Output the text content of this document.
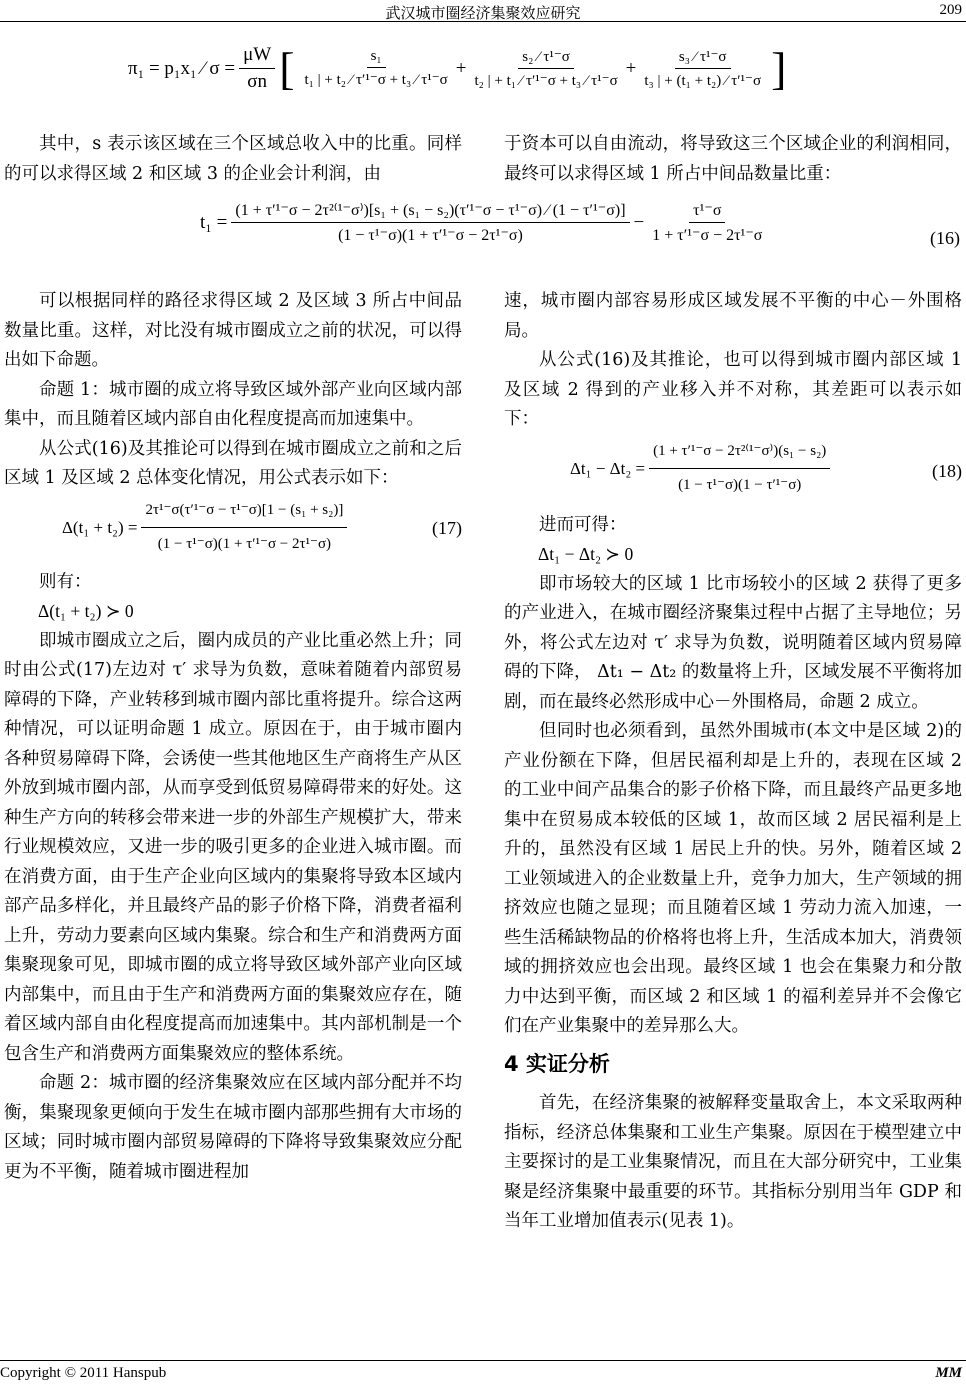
武汉城市圈经济集聚效应研究	209
π₁ = p₁x₁ ⁄ $\sigma = \frac{\mu W}{\sigma n}$ [ $\frac{\text{s₁}}{\text{t₁ | + t₂ ⁄ τ′¹⁻σ + t₃ ⁄ τ¹⁻σ}} + \frac{\text{s₂ ⁄ τ¹⁻σ}}{\text{t₂ | + t₁ ⁄ τ′¹⁻σ + t₃ ⁄ τ¹⁻σ}} + \frac{\text{s₃ ⁄ τ¹⁻σ}}{\text{t₃ | + (t₁ + t₂) ⁄ τ′¹⁻σ}}$ ]

其中，s 表示该区域在三个区域总收入中的比重。同样的可以求得区域 2 和区域 3 的企业会计利润，由

于资本可以自由流动，将导致这三个区域企业的利润相同，最终可以求得区域 1 所占中间品数量比重：

t₁ =
(1 + τ′¹⁻σ − 2τ²⁽¹⁻σ⁾)[s₁ + (s₁ − s₂)(τ′¹⁻σ − τ¹⁻σ) ⁄ (1 − τ′¹⁻σ)]
(1 − τ¹⁻σ)(1 + τ′¹⁻σ − 2τ¹⁻σ)
− $\frac{\text{τ¹⁻σ}}{\text{1 + τ′¹⁻σ − 2τ¹⁻σ}}$	(16)

可以根据同样的路径求得区域 2 及区域 3 所占中间品数量比重。这样，对比没有城市圈成立之前的状况，可以得出如下命题。

命题 1：城市圈的成立将导致区域外部产业向区域内部集中，而且随着区域内部自由化程度提高而加速集中。

从公式(16)及其推论可以得到在城市圈成立之前和之后区域 1 及区域 2 总体变化情况，用公式表示如下：

$\Delta(t_1 + t_2) = \frac{\text{2τ¹⁻σ(τ′¹⁻σ − τ¹⁻σ)[1 − (s₁ + s₂)]}}{\text{(1 − τ¹⁻σ)(1 + τ′¹⁻σ − 2τ¹⁻σ)}}$	(17)

则有：

Δ(t₁ + t₂) ≻ 0

即城市圈成立之后，圈内成员的产业比重必然上升；同时由公式(17)左边对 τ′ 求导为负数，意味着随着内部贸易障碍的下降，产业转移到城市圈内部比重将提升。综合这两种情况，可以证明命题 1 成立。原因在于，由于城市圈内各种贸易障碍下降，会诱使一些其他地区生产商将生产从区外放到城市圈内部，从而享受到低贸易障碍带来的好处。这种生产方向的转移会带来进一步的外部生产规模扩大，带来行业规模效应，又进一步的吸引更多的企业进入城市圈。而在消费方面，由于生产企业向区域内的集聚将导致本区域内部产品多样化，并且最终产品的影子价格下降，消费者福利上升，劳动力要素向区域内集聚。综合和生产和消费两方面集聚现象可见，即城市圈的成立将导致区域外部产业向区域内部集中，而且由于生产和消费两方面的集聚效应存在，随着区域内部自由化程度提高而加速集中。其内部机制是一个包含生产和消费两方面集聚效应的整体系统。

命题 2：城市圈的经济集聚效应在区域内部分配并不均衡，集聚现象更倾向于发生在城市圈内部那些拥有大市场的区域；同时城市圈内部贸易障碍的下降将导致集聚效应分配更为不平衡，随着城市圈进程加

速，城市圈内部容易形成区域发展不平衡的中心－外围格局。

从公式(16)及其推论，也可以得到城市圈内部区域 1 及区域 2 得到的产业移入并不对称，其差距可以表示如下：

$\Delta t_1 - \Delta t_2 = \frac{\text{(1 + τ′¹⁻σ − 2τ²⁽¹⁻σ⁾)(s₁ − s₂)}}{\text{(1 − τ¹⁻σ)(1 − τ′¹⁻σ)}}$	(18)

进而可得：

Δt₁ − Δt₂ ≻ 0

即市场较大的区域 1 比市场较小的区域 2 获得了更多的产业进入，在城市圈经济聚集过程中占据了主导地位；另外，将公式左边对 τ′ 求导为负数，说明随着区域内贸易障碍的下降， Δt₁ − Δt₂ 的数量将上升，区域发展不平衡将加剧，而在最终必然形成中心－外围格局，命题 2 成立。

但同时也必须看到，虽然外围城市(本文中是区域 2)的产业份额在下降，但居民福利却是上升的，表现在区域 2 的工业中间产品集合的影子价格下降，而且最终产品更多地集中在贸易成本较低的区域 1，故而区域 2 居民福利是上升的，虽然没有区域 1 居民上升的快。另外，随着区域 2 工业领域进入的企业数量上升，竞争力加大，生产领域的拥挤效应也随之显现；而且随着区域 1 劳动力流入加速，一些生活稀缺物品的价格将也将上升，生活成本加大，消费领域的拥挤效应也会出现。最终区域 1 也会在集聚力和分散力中达到平衡，而区域 2 和区域 1 的福利差异并不会像它们在产业集聚中的差异那么大。

4 实证分析

首先，在经济集聚的被解释变量取舍上，本文采取两种指标，经济总体集聚和工业生产集聚。原因在于模型建立中主要探讨的是工业集聚情况，而且在大部分研究中，工业集聚是经济集聚中最重要的环节。其指标分别用当年 GDP 和当年工业增加值表示(见表 1)。

Copyright © 2011 Hanspub	MM
